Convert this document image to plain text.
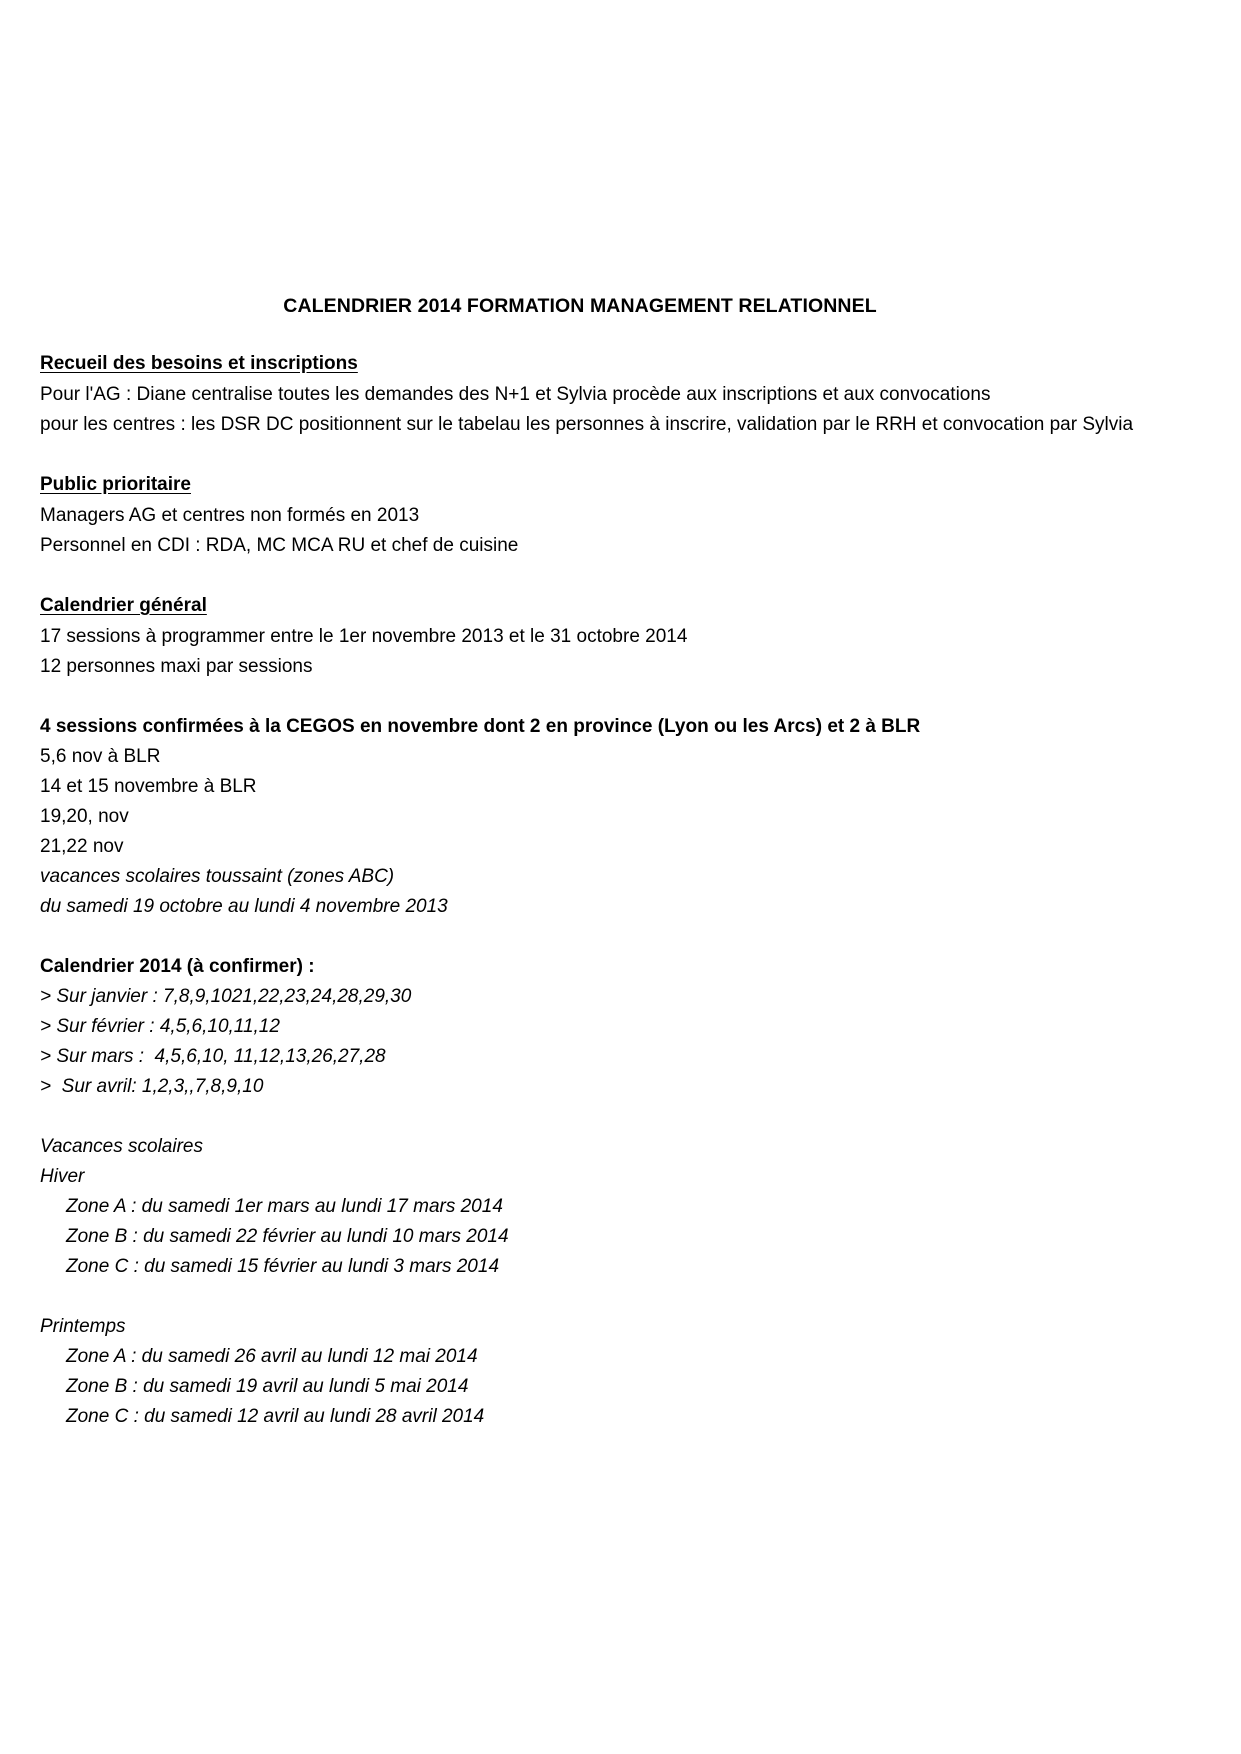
CALENDRIER 2014 FORMATION MANAGEMENT RELATIONNEL
Recueil des besoins et inscriptions
Pour l'AG : Diane centralise toutes les demandes des N+1 et Sylvia procède aux inscriptions et aux convocations
pour les centres : les DSR DC positionnent sur le tabelau les personnes à inscrire, validation par le RRH et convocation par Sylvia
Public prioritaire
Managers AG et centres non formés en 2013
Personnel en CDI : RDA, MC MCA RU et chef de cuisine
Calendrier général
17 sessions à programmer entre le 1er novembre 2013 et le 31 octobre 2014
12 personnes maxi par sessions
4 sessions confirmées à la CEGOS en novembre dont 2 en province (Lyon ou les Arcs) et 2 à BLR
5,6 nov à BLR
14 et 15 novembre à BLR
19,20, nov
21,22 nov
vacances scolaires toussaint (zones ABC)
du samedi 19 octobre au lundi 4 novembre 2013
Calendrier 2014 (à confirmer) :
> Sur janvier : 7,8,9,1021,22,23,24,28,29,30
> Sur février : 4,5,6,10,11,12
> Sur mars :  4,5,6,10, 11,12,13,26,27,28
>  Sur avril: 1,2,3,,7,8,9,10
Vacances scolaires
Hiver
Zone A : du samedi 1er mars au lundi 17 mars 2014
Zone B : du samedi 22 février au lundi 10 mars 2014
Zone C : du samedi 15 février au lundi 3 mars 2014
Printemps
Zone A : du samedi 26 avril au lundi 12 mai 2014
Zone B : du samedi 19 avril au lundi 5 mai 2014
Zone C : du samedi 12 avril au lundi 28 avril 2014
